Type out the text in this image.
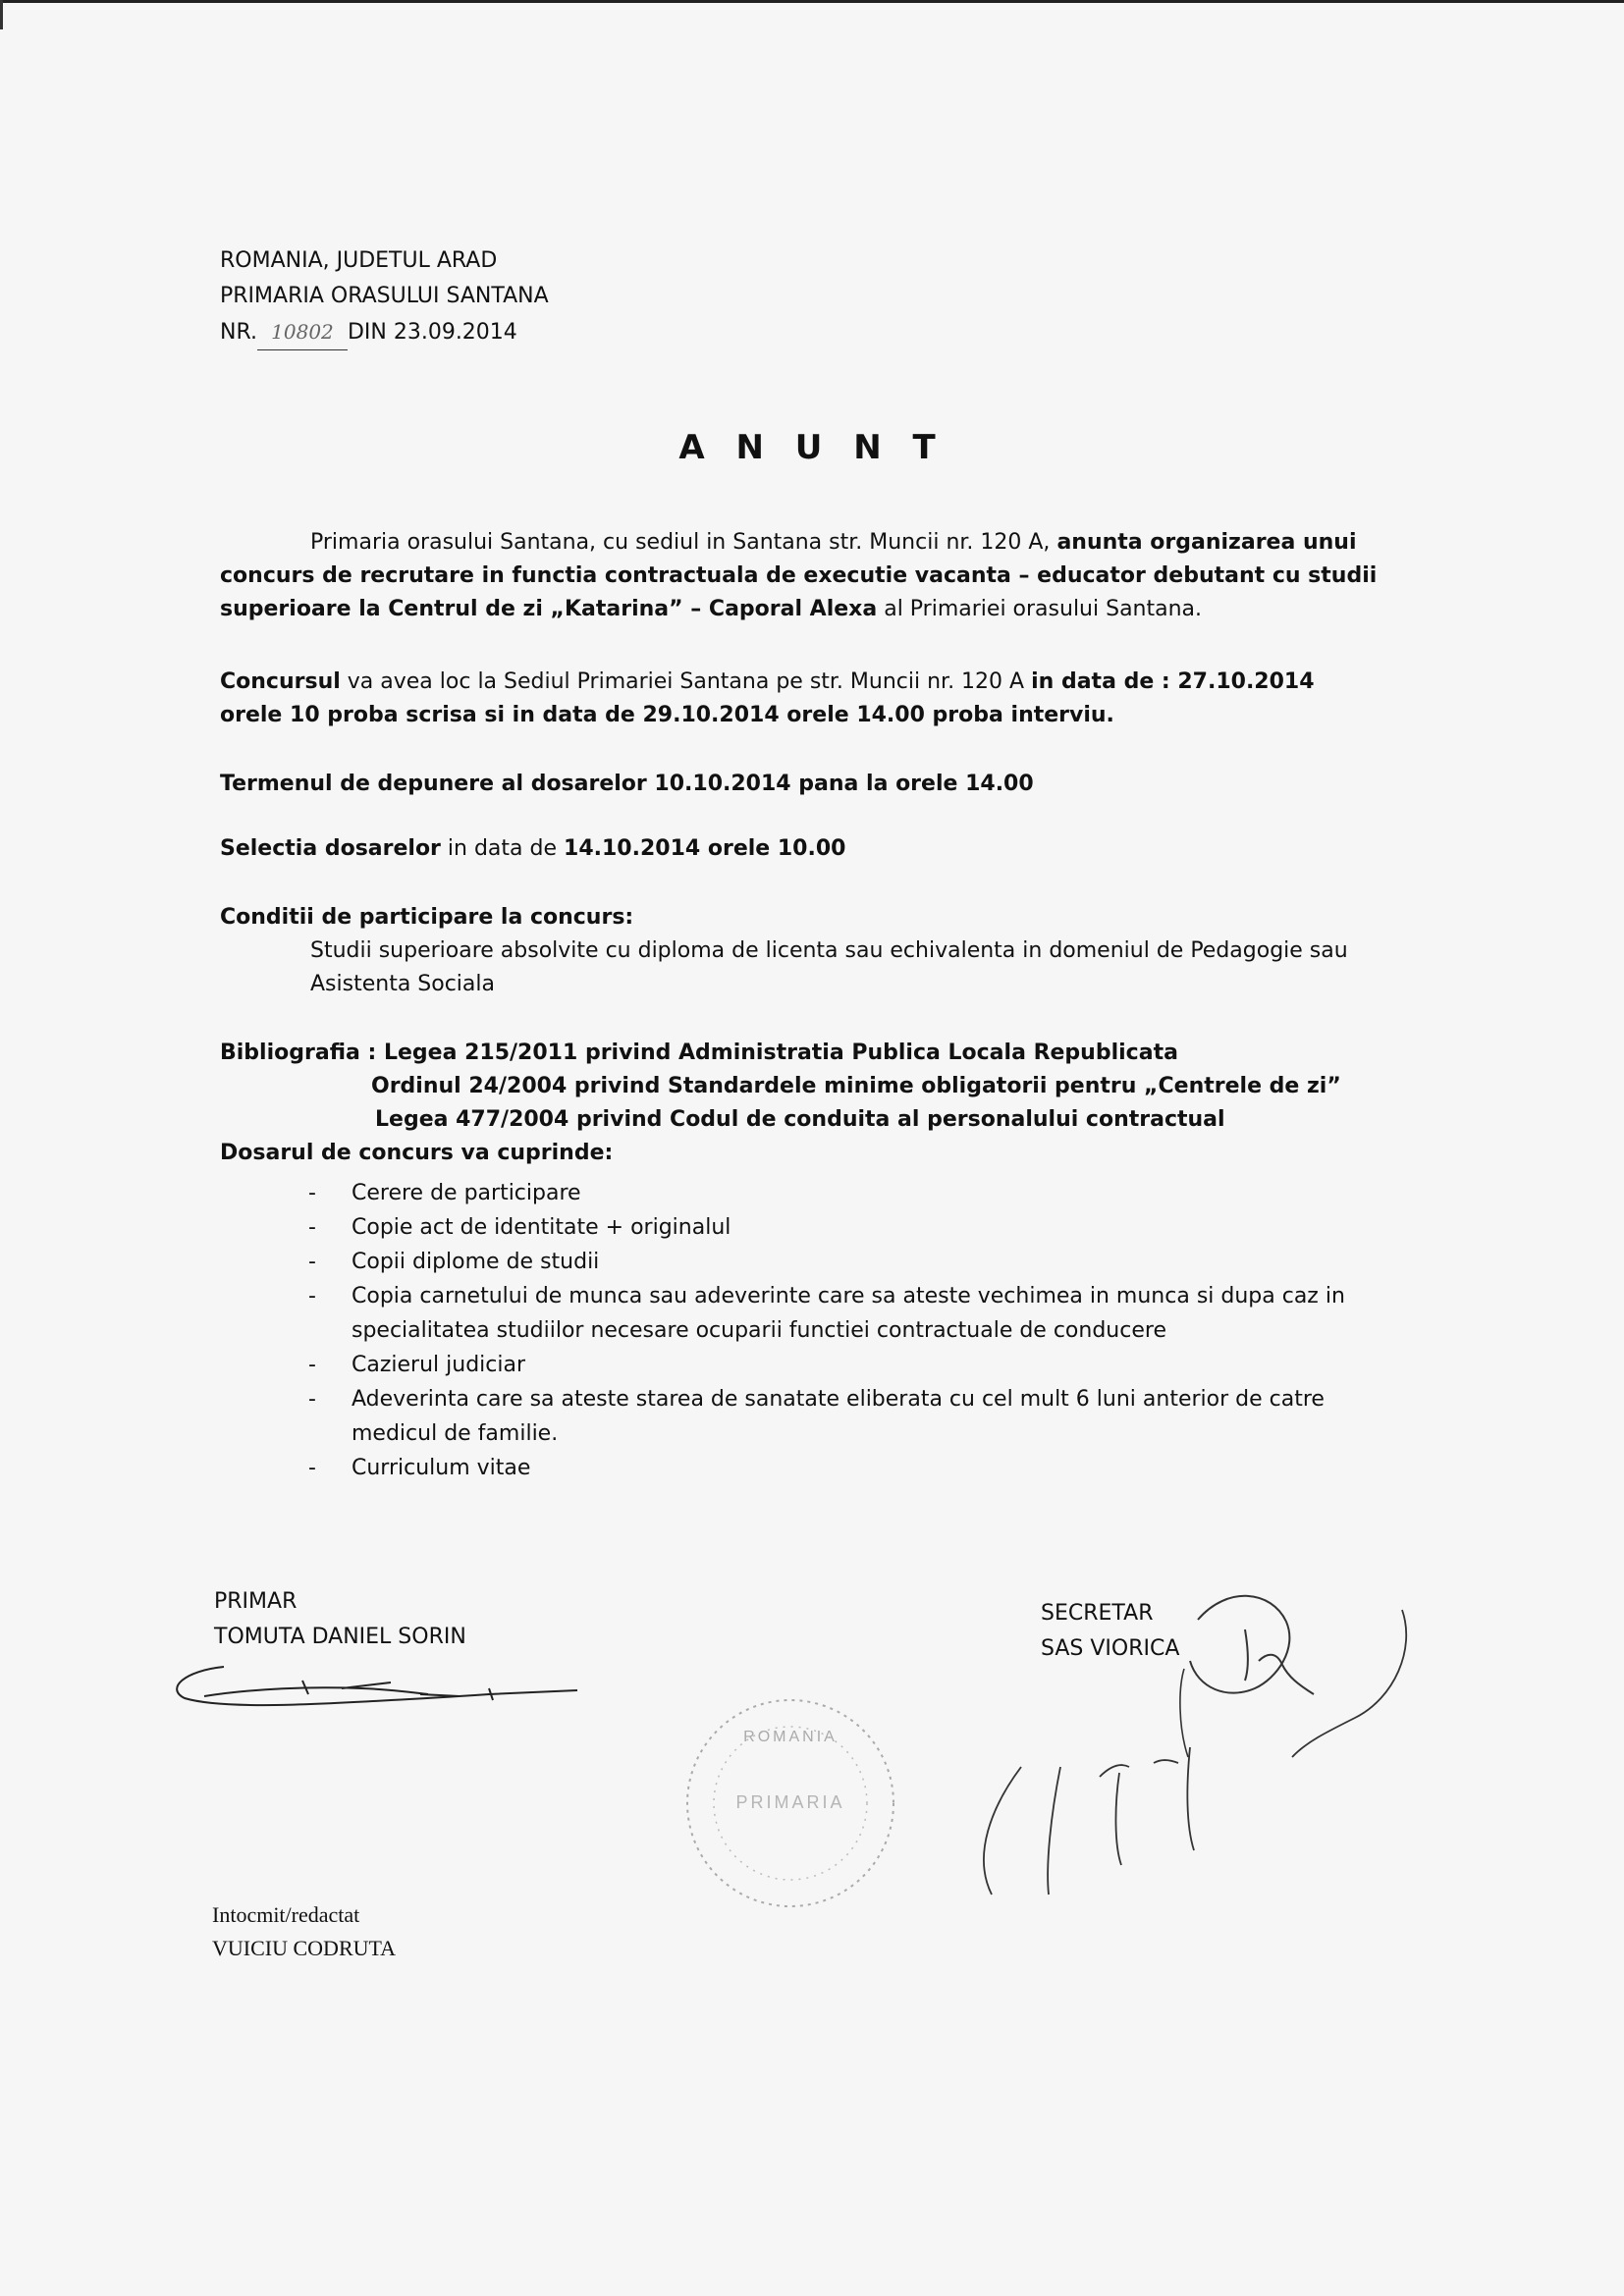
ROMANIA, JUDETUL ARAD
PRIMARIA ORASULUI SANTANA
NR. 10802 DIN 23.09.2014
A N U N T
Primaria orasului Santana, cu sediul in Santana str. Muncii nr. 120 A, anunta organizarea unui concurs de recrutare in functia contractuala de executie vacanta – educator debutant cu studii superioare la Centrul de zi „Katarina” – Caporal Alexa al Primariei orasului Santana.
Concursul va avea loc la Sediul Primariei Santana pe str. Muncii nr. 120 A in data de : 27.10.2014 orele 10 proba scrisa si in data de 29.10.2014 orele 14.00 proba interviu.
Termenul de depunere al dosarelor 10.10.2014 pana la orele 14.00
Selectia dosarelor in data de 14.10.2014 orele 10.00
Conditii de participare la concurs:
Studii superioare absolvite cu diploma de licenta sau echivalenta in domeniul de Pedagogie sau Asistenta Sociala
Bibliografia : Legea 215/2011 privind Administratia Publica Locala Republicata
Ordinul 24/2004 privind Standardele minime obligatorii pentru „Centrele de zi”
Legea 477/2004 privind Codul de conduita al personalului contractual
Dosarul de concurs va cuprinde:
- Cerere de participare
- Copie act de identitate + originalul
- Copii diplome de studii
- Copia carnetului de munca sau adeverinte care sa ateste vechimea in munca si dupa caz in specialitatea studiilor necesare ocuparii functiei contractuale de conducere
- Cazierul judiciar
- Adeverinta care sa ateste starea de sanatate eliberata cu cel mult 6 luni anterior de catre medicul de familie.
- Curriculum vitae
PRIMAR
TOMUTA DANIEL SORIN
SECRETAR
SAS VIORICA
ROMANIA
PRIMARIA
Intocmit/redactat
VUICIU CODRUTA
